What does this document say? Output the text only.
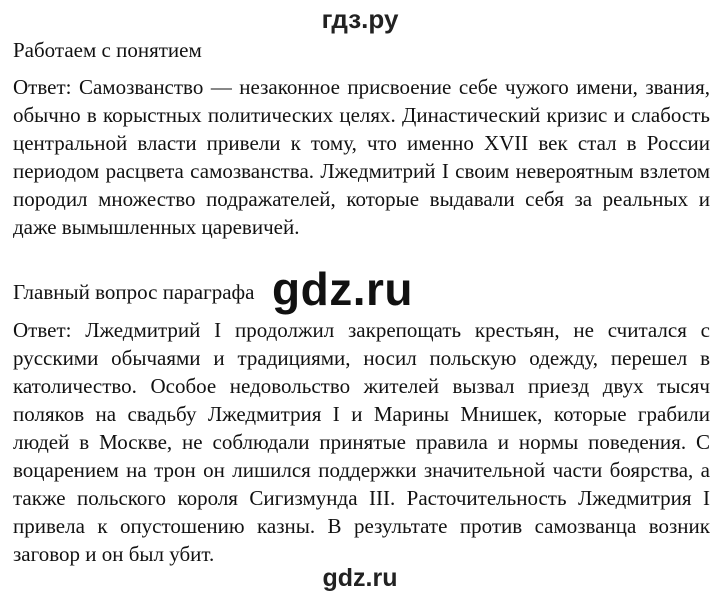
гдз.ру
Работаем с понятием
Ответ: Самозванство — незаконное присвоение себе чужого имени, звания,
обычно в корыстных политических целях. Династический кризис и слабость
центральной власти привели к тому, что именно XVII век стал в России
периодом расцвета самозванства. Лжедмитрий I своим невероятным взлетом
породил множество подражателей, которые выдавали себя за реальных и
даже вымышленных царевичей.
Главный вопрос параграфа gdz.ru
Ответ: Лжедмитрий I продолжил закрепощать крестьян, не считался с
русскими обычаями и традициями, носил польскую одежду, перешел в
католичество. Особое недовольство жителей вызвал приезд двух тысяч
поляков на свадьбу Лжедмитрия I и Марины Мнишек, которые грабили
людей в Москве, не соблюдали принятые правила и нормы поведения. С
воцарением на трон он лишился поддержки значительной части боярства, а
также польского короля Сигизмунда III. Расточительность Лжедмитрия I
привела к опустошению казны. В результате против самозванца возник
заговор и он был убит.
gdz.ru
